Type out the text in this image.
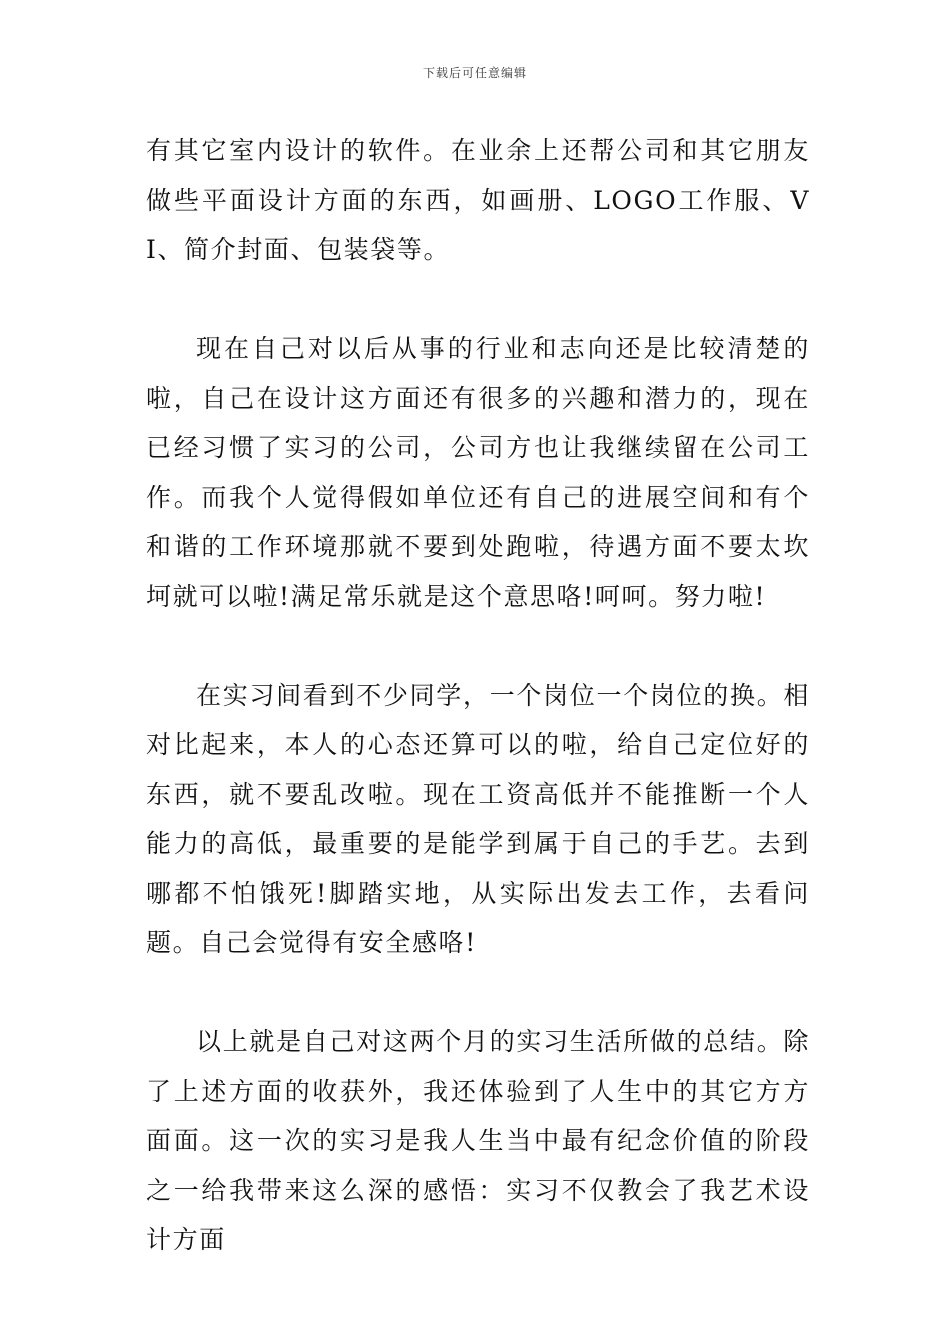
下载后可任意编辑

有其它室内设计的软件。在业余上还帮公司和其它朋友做些平面设计方面的东西，如画册、LOGO工作服、VI、简介封面、包装袋等。

现在自己对以后从事的行业和志向还是比较清楚的啦，自己在设计这方面还有很多的兴趣和潜力的，现在已经习惯了实习的公司，公司方也让我继续留在公司工作。而我个人觉得假如单位还有自己的进展空间和有个和谐的工作环境那就不要到处跑啦，待遇方面不要太坎坷就可以啦!满足常乐就是这个意思咯!呵呵。努力啦!

在实习间看到不少同学，一个岗位一个岗位的换。相对比起来，本人的心态还算可以的啦，给自己定位好的东西，就不要乱改啦。现在工资高低并不能推断一个人能力的高低，最重要的是能学到属于自己的手艺。去到哪都不怕饿死!脚踏实地，从实际出发去工作，去看问题。自己会觉得有安全感咯!

以上就是自己对这两个月的实习生活所做的总结。除了上述方面的收获外，我还体验到了人生中的其它方方面面。这一次的实习是我人生当中最有纪念价值的阶段之一给我带来这么深的感悟：实习不仅教会了我艺术设计方面
